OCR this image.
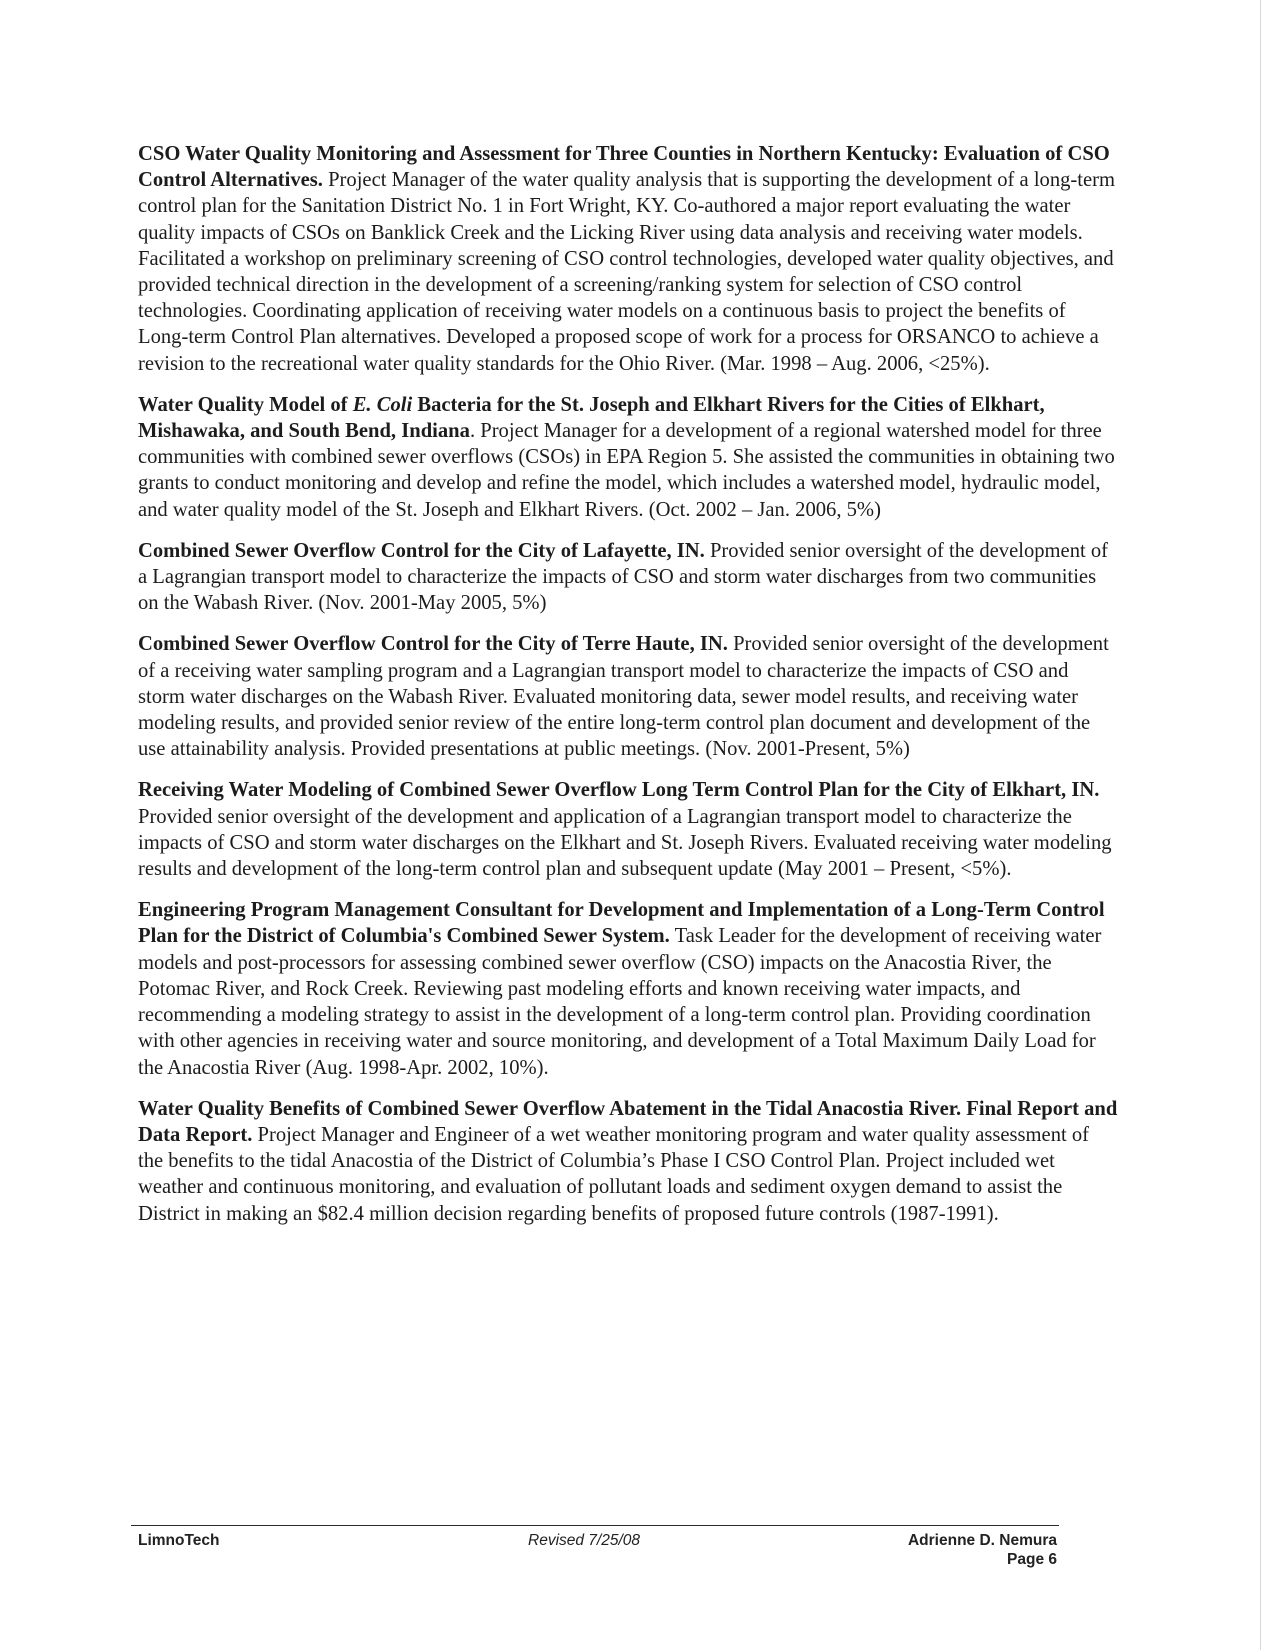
CSO Water Quality Monitoring and Assessment for Three Counties in Northern Kentucky: Evaluation of CSO Control Alternatives. Project Manager of the water quality analysis that is supporting the development of a long-term control plan for the Sanitation District No. 1 in Fort Wright, KY. Co-authored a major report evaluating the water quality impacts of CSOs on Banklick Creek and the Licking River using data analysis and receiving water models. Facilitated a workshop on preliminary screening of CSO control technologies, developed water quality objectives, and provided technical direction in the development of a screening/ranking system for selection of CSO control technologies. Coordinating application of receiving water models on a continuous basis to project the benefits of Long-term Control Plan alternatives. Developed a proposed scope of work for a process for ORSANCO to achieve a revision to the recreational water quality standards for the Ohio River. (Mar. 1998 – Aug. 2006, <25%).

Water Quality Model of E. Coli Bacteria for the St. Joseph and Elkhart Rivers for the Cities of Elkhart, Mishawaka, and South Bend, Indiana. Project Manager for a development of a regional watershed model for three communities with combined sewer overflows (CSOs) in EPA Region 5. She assisted the communities in obtaining two grants to conduct monitoring and develop and refine the model, which includes a watershed model, hydraulic model, and water quality model of the St. Joseph and Elkhart Rivers. (Oct. 2002 – Jan. 2006, 5%)

Combined Sewer Overflow Control for the City of Lafayette, IN. Provided senior oversight of the development of a Lagrangian transport model to characterize the impacts of CSO and storm water discharges from two communities on the Wabash River. (Nov. 2001-May 2005, 5%)

Combined Sewer Overflow Control for the City of Terre Haute, IN. Provided senior oversight of the development of a receiving water sampling program and a Lagrangian transport model to characterize the impacts of CSO and storm water discharges on the Wabash River. Evaluated monitoring data, sewer model results, and receiving water modeling results, and provided senior review of the entire long-term control plan document and development of the use attainability analysis. Provided presentations at public meetings. (Nov. 2001-Present, 5%)

Receiving Water Modeling of Combined Sewer Overflow Long Term Control Plan for the City of Elkhart, IN. Provided senior oversight of the development and application of a Lagrangian transport model to characterize the impacts of CSO and storm water discharges on the Elkhart and St. Joseph Rivers. Evaluated receiving water modeling results and development of the long-term control plan and subsequent update (May 2001 – Present, <5%).

Engineering Program Management Consultant for Development and Implementation of a Long-Term Control Plan for the District of Columbia's Combined Sewer System. Task Leader for the development of receiving water models and post-processors for assessing combined sewer overflow (CSO) impacts on the Anacostia River, the Potomac River, and Rock Creek. Reviewing past modeling efforts and known receiving water impacts, and recommending a modeling strategy to assist in the development of a long-term control plan. Providing coordination with other agencies in receiving water and source monitoring, and development of a Total Maximum Daily Load for the Anacostia River (Aug. 1998-Apr. 2002, 10%).

Water Quality Benefits of Combined Sewer Overflow Abatement in the Tidal Anacostia River. Final Report and Data Report. Project Manager and Engineer of a wet weather monitoring program and water quality assessment of the benefits to the tidal Anacostia of the District of Columbia’s Phase I CSO Control Plan. Project included wet weather and continuous monitoring, and evaluation of pollutant loads and sediment oxygen demand to assist the District in making an $82.4 million decision regarding benefits of proposed future controls (1987-1991).

LimnoTech	Revised 7/25/08	Adrienne D. Nemura
Page 6
